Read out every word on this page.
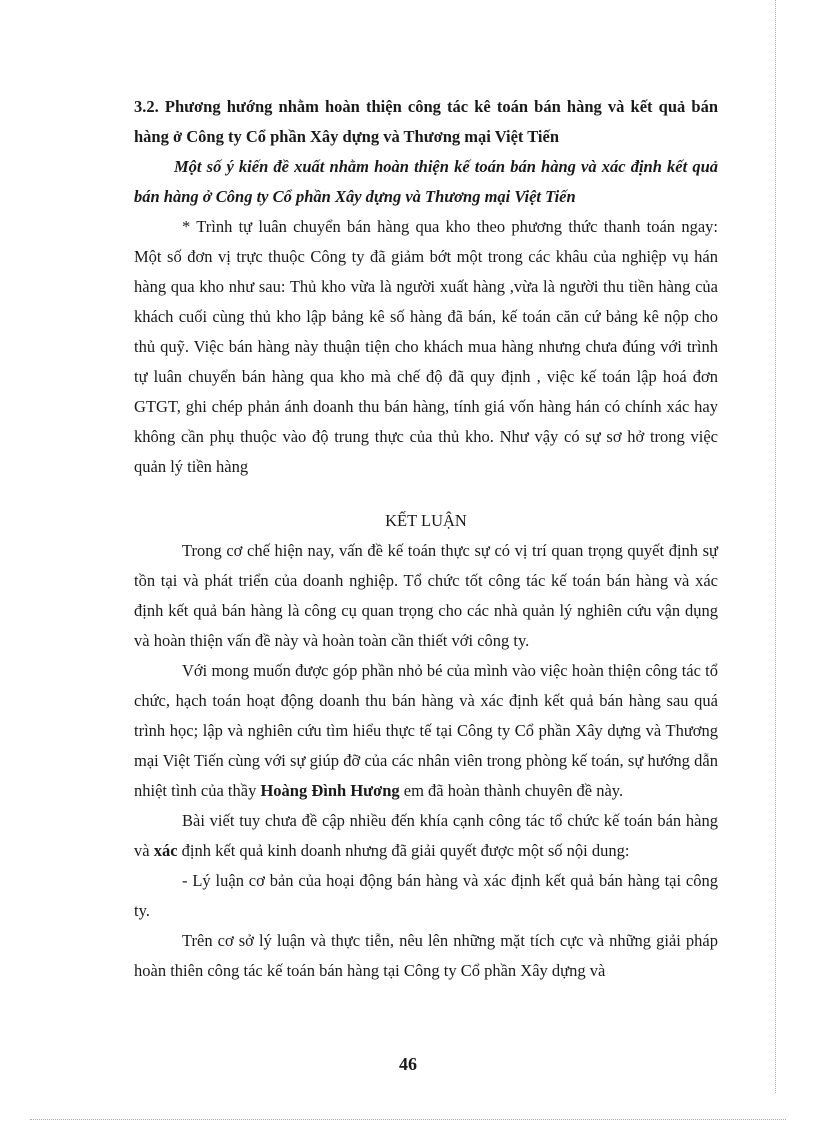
3.2. Phương hướng nhằm hoàn thiện công tác kê toán bán hàng và kết quả bán hàng ở Công ty Cổ phần Xây dựng và Thương mại Việt Tiến
Một số ý kiến đề xuất nhằm hoàn thiện kế toán bán hàng và xác định kết quả bán hàng ở Công ty Cổ phần Xây dựng và Thương mại Việt Tiến

* Trình tự luân chuyển bán hàng qua kho theo phương thức thanh toán ngay: Một số đơn vị trực thuộc Công ty đã giảm bớt một trong các khâu của nghiệp vụ hán hàng qua kho như sau: Thủ kho vừa là người xuất hàng ,vừa là người thu tiền hàng của khách cuối cùng thủ kho lập bảng kê số hàng đã bán, kế toán căn cứ bảng kê nộp cho thủ quỹ. Việc bán hàng này thuận tiện cho khách mua hàng nhưng chưa đúng với trình tự luân chuyển bán hàng qua kho mà chế độ đã quy định , việc kế toán lập hoá đơn GTGT, ghi chép phản ánh doanh thu bán hàng, tính giá vốn hàng hán có chính xác hay không cần phụ thuộc vào độ trung thực của thủ kho. Như vậy có sự sơ hở trong việc quản lý tiền hàng

KẾT LUẬN

Trong cơ chế hiện nay, vấn đề kế toán thực sự có vị trí quan trọng quyết định sự tồn tại và phát triển của doanh nghiệp. Tổ chức tốt công tác kế toán bán hàng và xác định kết quả bán hàng là công cụ quan trọng cho các nhà quản lý nghiên cứu vận dụng và hoàn thiện vấn đề này và hoàn toàn cần thiết với công ty.

Với mong muốn được góp phần nhỏ bé của mình vào việc hoàn thiện công tác tổ chức, hạch toán hoạt động doanh thu bán hàng và xác định kết quả bán hàng sau quá trình học; lập và nghiên cứu tìm hiểu thực tế tại Công ty Cổ phần Xây dựng và Thương mại Việt Tiến cùng với sự giúp đỡ của các nhân viên trong phòng kế toán, sự hướng dẫn nhiệt tình của thầy Hoàng Đình Hương em đã hoàn thành chuyên đề này.

Bài viết tuy chưa đề cập nhiều đến khía cạnh công tác tổ chức kế toán bán hàng và xác định kết quả kinh doanh nhưng đã giải quyết được một số nội dung:

- Lý luận cơ bản của hoại động bán hàng và xác định kết quả bán hàng tại công ty.

Trên cơ sở lý luận và thực tiễn, nêu lên những mặt tích cực và những giải pháp hoàn thiên công tác kế toán bán hàng tại Công ty Cổ phần Xây dựng và

46
